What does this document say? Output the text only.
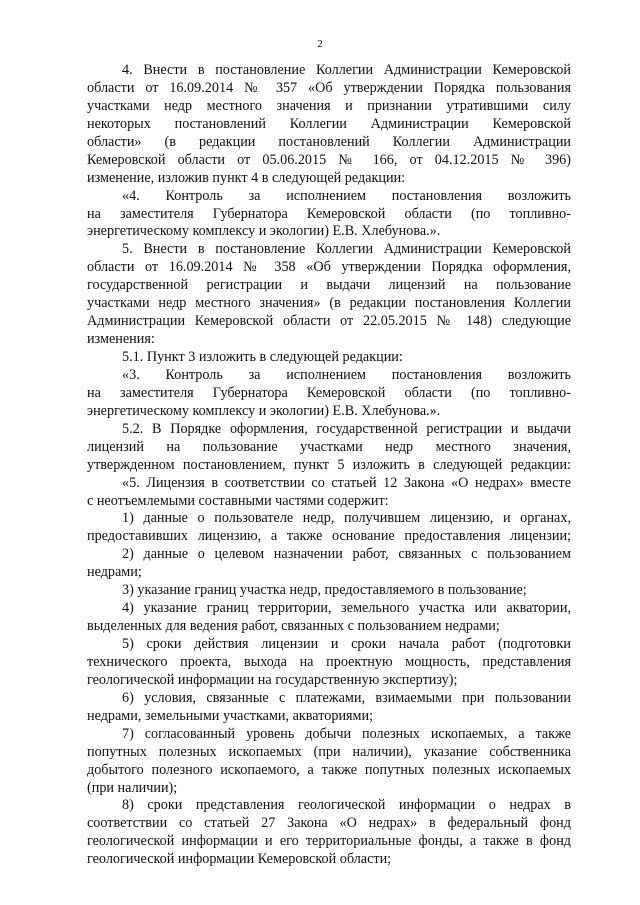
2
4. Внести в постановление Коллегии Администрации Кемеровской
области от 16.09.2014 № 357 «Об утверждении Порядка пользования
участками недр местного значения и признании утратившими силу
некоторых постановлений Коллегии Администрации Кемеровской
области» (в редакции постановлений Коллегии Администрации
Кемеровской области от 05.06.2015 № 166, от 04.12.2015 № 396)
изменение, изложив пункт 4 в следующей редакции:
«4. Контроль за исполнением постановления возложить
на заместителя Губернатора Кемеровской области (по топливно-
энергетическому комплексу и экологии) Е.В. Хлебунова.».
5. Внести в постановление Коллегии Администрации Кемеровской
области от 16.09.2014 № 358 «Об утверждении Порядка оформления,
государственной регистрации и выдачи лицензий на пользование
участками недр местного значения» (в редакции постановления Коллегии
Администрации Кемеровской области от 22.05.2015 № 148) следующие
изменения:
5.1. Пункт 3 изложить в следующей редакции:
«3. Контроль за исполнением постановления возложить
на заместителя Губернатора Кемеровской области (по топливно-
энергетическому комплексу и экологии) Е.В. Хлебунова.».
5.2. В Порядке оформления, государственной регистрации и выдачи
лицензий на пользование участками недр местного значения,
утвержденном постановлением, пункт 5 изложить в следующей редакции:
«5. Лицензия в соответствии со статьей 12 Закона «О недрах» вместе
с неотъемлемыми составными частями содержит:
1) данные о пользователе недр, получившем лицензию, и органах,
предоставивших лицензию, а также основание предоставления лицензии;
2) данные о целевом назначении работ, связанных с пользованием
недрами;
3) указание границ участка недр, предоставляемого в пользование;
4) указание границ территории, земельного участка или акватории,
выделенных для ведения работ, связанных с пользованием недрами;
5) сроки действия лицензии и сроки начала работ (подготовки
технического проекта, выхода на проектную мощность, представления
геологической информации на государственную экспертизу);
6) условия, связанные с платежами, взимаемыми при пользовании
недрами, земельными участками, акваториями;
7) согласованный уровень добычи полезных ископаемых, а также
попутных полезных ископаемых (при наличии), указание собственника
добытого полезного ископаемого, а также попутных полезных ископаемых
(при наличии);
8) сроки представления геологической информации о недрах в
соответствии со статьей 27 Закона «О недрах» в федеральный фонд
геологической информации и его территориальные фонды, а также в фонд
геологической информации Кемеровской области;
